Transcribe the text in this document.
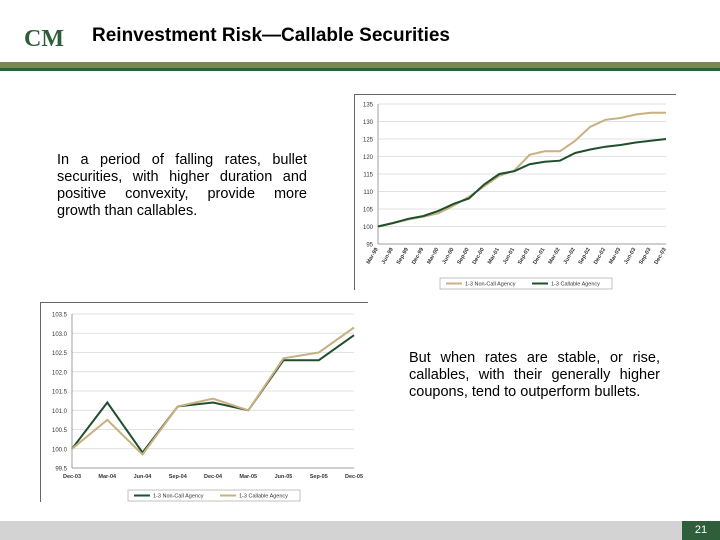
CM Reinvestment Risk—Callable Securities
In a period of falling rates, bullet securities, with higher duration and positive convexity, provide more growth than callables.
95
100
105
110
115
120
125
130
135
Mar-99 Jun-99 Sep-99 Dec-99 Mar-00 Jun-00 Sep-00 Dec-00 Mar-01 Jun-01 Sep-01 Dec-01 Mar-02 Jun-02 Sep-02 Dec-02 Mar-03 Jun-03 Sep-03 Dec-03
1-3 Non-Call Agency	1-3 Callable Agency
99.5
100.0
100.5
101.0
101.5
102.0
102.5
103.0
103.5
Dec-03	Mar-04	Jun-04	Sep-04	Dec-04	Mar-05	Jun-05	Sep-05	Dec-05
1-3 Non-Call Agency	1-3 Callable Agency
But when rates are stable, or rise, callables, with their generally higher coupons, tend to outperform bullets.
21
